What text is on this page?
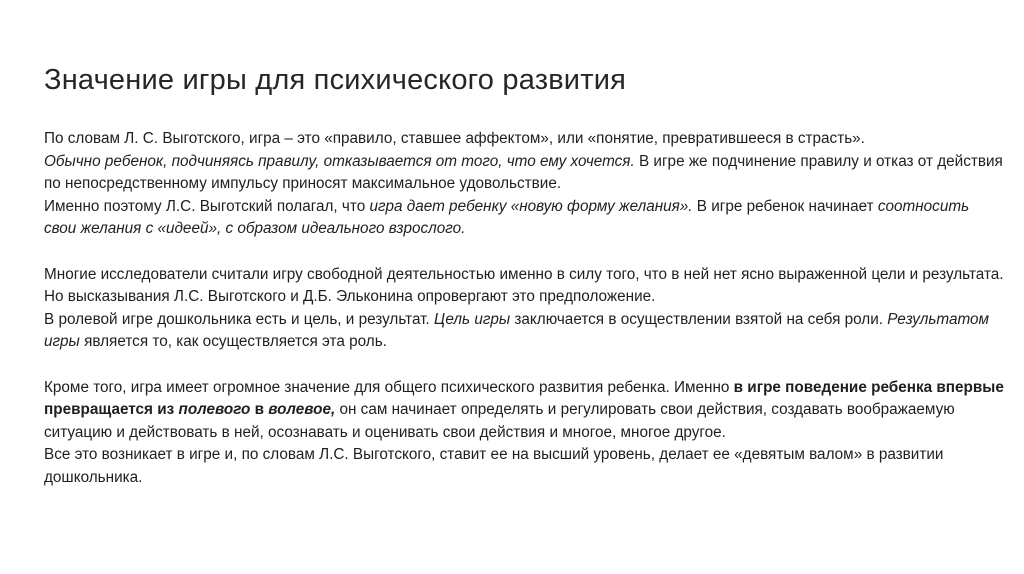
Значение игры для психического развития

По словам Л. С. Выготского, игра – это «правило, ставшее аффектом», или «понятие, превратившееся в страсть».
Обычно ребенок, подчиняясь правилу, отказывается от того, что ему хочется. В игре же подчинение правилу и отказ от действия по непосредственному импульсу приносят максимальное удовольствие.

Именно поэтому Л.С. Выготский полагал, что игра дает ребенку «новую форму желания». В игре ребенок начинает соотносить свои желания с «идеей», с образом идеального взрослого.

Многие исследователи считали игру свободной деятельностью именно в силу того, что в ней нет ясно выраженной цели и результата. Но высказывания Л.С. Выготского и Д.Б. Эльконина опровергают это предположение.

В ролевой игре дошкольника есть и цель, и результат. Цель игры заключается в осуществлении взятой на себя роли. Результатом игры является то, как осуществляется эта роль.

Кроме того, игра имеет огромное значение для общего психического развития ребенка. Именно в игре поведение ребенка впервые превращается из полевого в волевое, он сам начинает определять и регулировать свои действия, создавать воображаемую ситуацию и действовать в ней, осознавать и оценивать свои действия и многое, многое другое.

Все это возникает в игре и, по словам Л.С. Выготского, ставит ее на высший уровень, делает ее «девятым валом» в развитии дошкольника.
